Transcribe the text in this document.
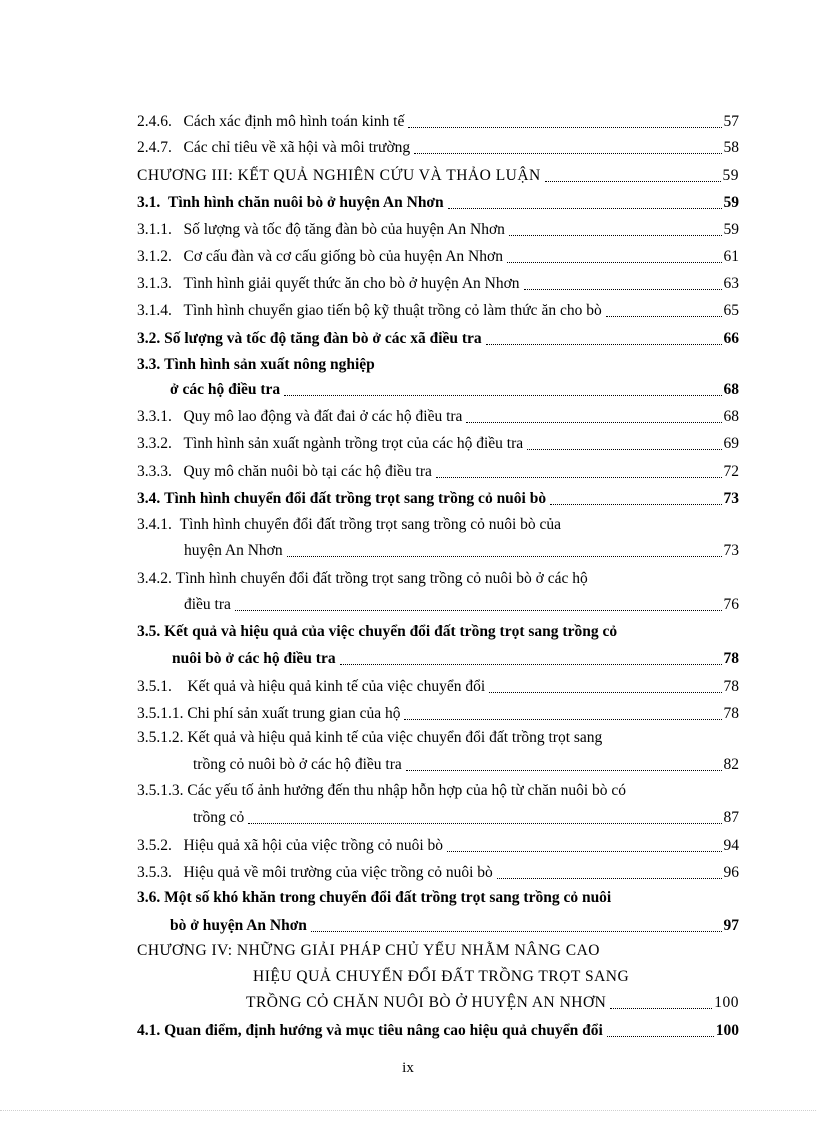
2.4.6. Cách xác định mô hình toán kinh tế	57
2.4.7. Các chỉ tiêu về xã hội và môi trường	58
CHƯƠNG III: KẾT QUẢ NGHIÊN CỨU VÀ THẢO LUẬN	59
3.1. Tình hình chăn nuôi bò ở huyện An Nhơn	59
3.1.1. Số lượng và tốc độ tăng đàn bò của huyện An Nhơn	59
3.1.2. Cơ cấu đàn và cơ cấu giống bò của huyện An Nhơn	61
3.1.3. Tình hình giải quyết thức ăn cho bò ở huyện An Nhơn	63
3.1.4. Tình hình chuyển giao tiến bộ kỹ thuật trồng cỏ làm thức ăn cho bò	65
3.2. Số lượng và tốc độ tăng đàn bò ở các xã điều tra	66
3.3. Tình hình sản xuất nông nghiệp
ở các hộ điều tra	68
3.3.1. Quy mô lao động và đất đai ở các hộ điều tra	68
3.3.2. Tình hình sản xuất ngành trồng trọt của các hộ điều tra	69
3.3.3. Quy mô chăn nuôi bò tại các hộ điều tra	72
3.4. Tình hình chuyển đổi đất trồng trọt sang trồng cỏ nuôi bò	73
3.4.1. Tình hình chuyển đổi đất trồng trọt sang trồng cỏ nuôi bò của
huyện An Nhơn	73
3.4.2. Tình hình chuyển đổi đất trồng trọt sang trồng cỏ nuôi bò ở các hộ
điều tra	76
3.5. Kết quả và hiệu quả của việc chuyển đổi đất trồng trọt sang trồng cỏ
nuôi bò ở các hộ điều tra	78
3.5.1. Kết quả và hiệu quả kinh tế của việc chuyển đổi	78
3.5.1.1. Chi phí sản xuất trung gian của hộ	78
3.5.1.2. Kết quả và hiệu quả kinh tế của việc chuyển đổi đất trồng trọt sang
trồng cỏ nuôi bò ở các hộ điều tra	82
3.5.1.3. Các yếu tố ảnh hưởng đến thu nhập hỗn hợp của hộ từ chăn nuôi bò có
trồng cỏ	87
3.5.2. Hiệu quả xã hội của việc trồng cỏ nuôi bò	94
3.5.3. Hiệu quả về môi trường của việc trồng cỏ nuôi bò	96
3.6. Một số khó khăn trong chuyển đổi đất trồng trọt sang trồng cỏ nuôi
bò ở huyện An Nhơn	97
CHƯƠNG IV: NHỮNG GIẢI PHÁP CHỦ YẾU NHẰM NÂNG CAO
HIỆU QUẢ CHUYỂN ĐỔI ĐẤT TRỒNG TRỌT SANG
TRỒNG CỎ CHĂN NUÔI BÒ Ở HUYỆN AN NHƠN	100
4.1. Quan điểm, định hướng và mục tiêu nâng cao hiệu quả chuyển đổi	100
ix
